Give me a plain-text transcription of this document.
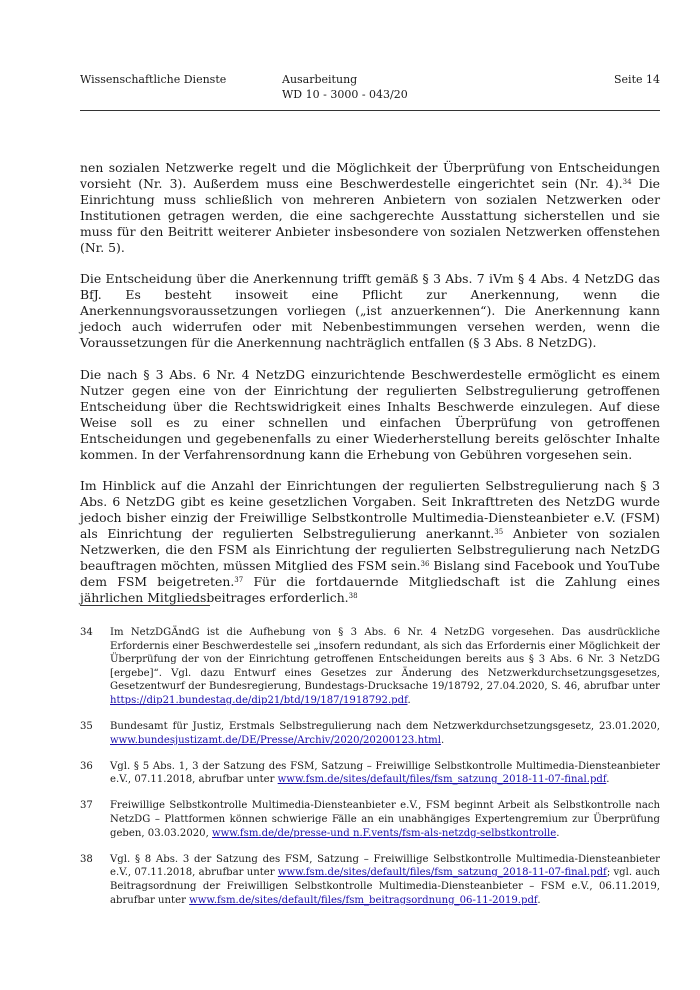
Wissenschaftliche Dienste	Ausarbeitung
WD 10 - 3000 - 043/20
Seite 14

nen sozialen Netzwerke regelt und die Möglichkeit der Überprüfung von Entscheidungen vorsieht (Nr. 3). Außerdem muss eine Beschwerdestelle eingerichtet sein (Nr. 4).$^{34}$ Die Einrichtung muss schließlich von mehreren Anbietern von sozialen Netzwerken oder Institutionen getragen werden, die eine sachgerechte Ausstattung sicherstellen und sie muss für den Beitritt weiterer Anbieter insbesondere von sozialen Netzwerken offenstehen (Nr. 5).

Die Entscheidung über die Anerkennung trifft gemäß § 3 Abs. 7 iVm § 4 Abs. 4 NetzDG das BfJ. Es besteht insoweit eine Pflicht zur Anerkennung, wenn die Anerkennungsvoraussetzungen vorliegen („ist anzuerkennen“). Die Anerkennung kann jedoch auch widerrufen oder mit Nebenbestimmungen versehen werden, wenn die Voraussetzungen für die Anerkennung nachträglich entfallen (§ 3 Abs. 8 NetzDG).

Die nach § 3 Abs. 6 Nr. 4 NetzDG einzurichtende Beschwerdestelle ermöglicht es einem Nutzer gegen eine von der Einrichtung der regulierten Selbstregulierung getroffenen Entscheidung über die Rechtswidrigkeit eines Inhalts Beschwerde einzulegen. Auf diese Weise soll es zu einer schnellen und einfachen Überprüfung von getroffenen Entscheidungen und gegebenenfalls zu einer Wiederherstellung bereits gelöschter Inhalte kommen. In der Verfahrensordnung kann die Erhebung von Gebühren vorgesehen sein.

Im Hinblick auf die Anzahl der Einrichtungen der regulierten Selbstregulierung nach § 3 Abs. 6 NetzDG gibt es keine gesetzlichen Vorgaben. Seit Inkrafttreten des NetzDG wurde jedoch bisher einzig der Freiwillige Selbstkontrolle Multimedia-Diensteanbieter e.V. (FSM) als Einrichtung der regulierten Selbstregulierung anerkannt.$^{35}$ Anbieter von sozialen Netzwerken, die den FSM als Einrichtung der regulierten Selbstregulierung nach NetzDG beauftragen möchten, müssen Mitglied des FSM sein.$^{36}$ Bislang sind Facebook und YouTube dem FSM beigetreten.$^{37}$ Für die fortdauernde Mitgliedschaft ist die Zahlung eines jährlichen Mitgliedsbeitrages erforderlich.$^{38}$

34 Im NetzDGÄndG ist die Aufhebung von § 3 Abs. 6 Nr. 4 NetzDG vorgesehen. Das ausdrückliche Erfordernis einer Beschwerdestelle sei „insofern redundant, als sich das Erfordernis einer Möglichkeit der Überprüfung der von der Einrichtung getroffenen Entscheidungen bereits aus § 3 Abs. 6 Nr. 3 NetzDG [ergebe]“. Vgl. dazu Entwurf eines Gesetzes zur Änderung des Netzwerkdurchsetzungsgesetzes, Gesetzentwurf der Bundesregierung, Bundestags-Drucksache 19/18792, 27.04.2020, S. 46, abrufbar unter https://dip21.bundestag.de/dip21/btd/19/187/1918792.pdf.
35 Bundesamt für Justiz, Erstmals Selbstregulierung nach dem Netzwerkdurchsetzungsgesetz, 23.01.2020, www.bundesjustizamt.de/DE/Presse/Archiv/2020/20200123.html.
36 Vgl. § 5 Abs. 1, 3 der Satzung des FSM, Satzung – Freiwillige Selbstkontrolle Multimedia-Diensteanbieter e.V., 07.11.2018, abrufbar unter www.fsm.de/sites/default/files/fsm_satzung_2018-11-07-final.pdf.
37 Freiwillige Selbstkontrolle Multimedia-Diensteanbieter e.V., FSM beginnt Arbeit als Selbstkontrolle nach NetzDG – Plattformen können schwierige Fälle an ein unabhängiges Expertengremium zur Überprüfung geben, 03.03.2020, www.fsm.de/de/presse-und n.F.vents/fsm-als-netzdg-selbstkontrolle.
38 Vgl. § 8 Abs. 3 der Satzung des FSM, Satzung – Freiwillige Selbstkontrolle Multimedia-Diensteanbieter e.V., 07.11.2018, abrufbar unter www.fsm.de/sites/default/files/fsm_satzung_2018-11-07-final.pdf; vgl. auch Beitragsordnung der Freiwilligen Selbstkontrolle Multimedia-Diensteanbieter – FSM e.V., 06.11.2019, abrufbar unter www.fsm.de/sites/default/files/fsm_beitragsordnung_06-11-2019.pdf.
